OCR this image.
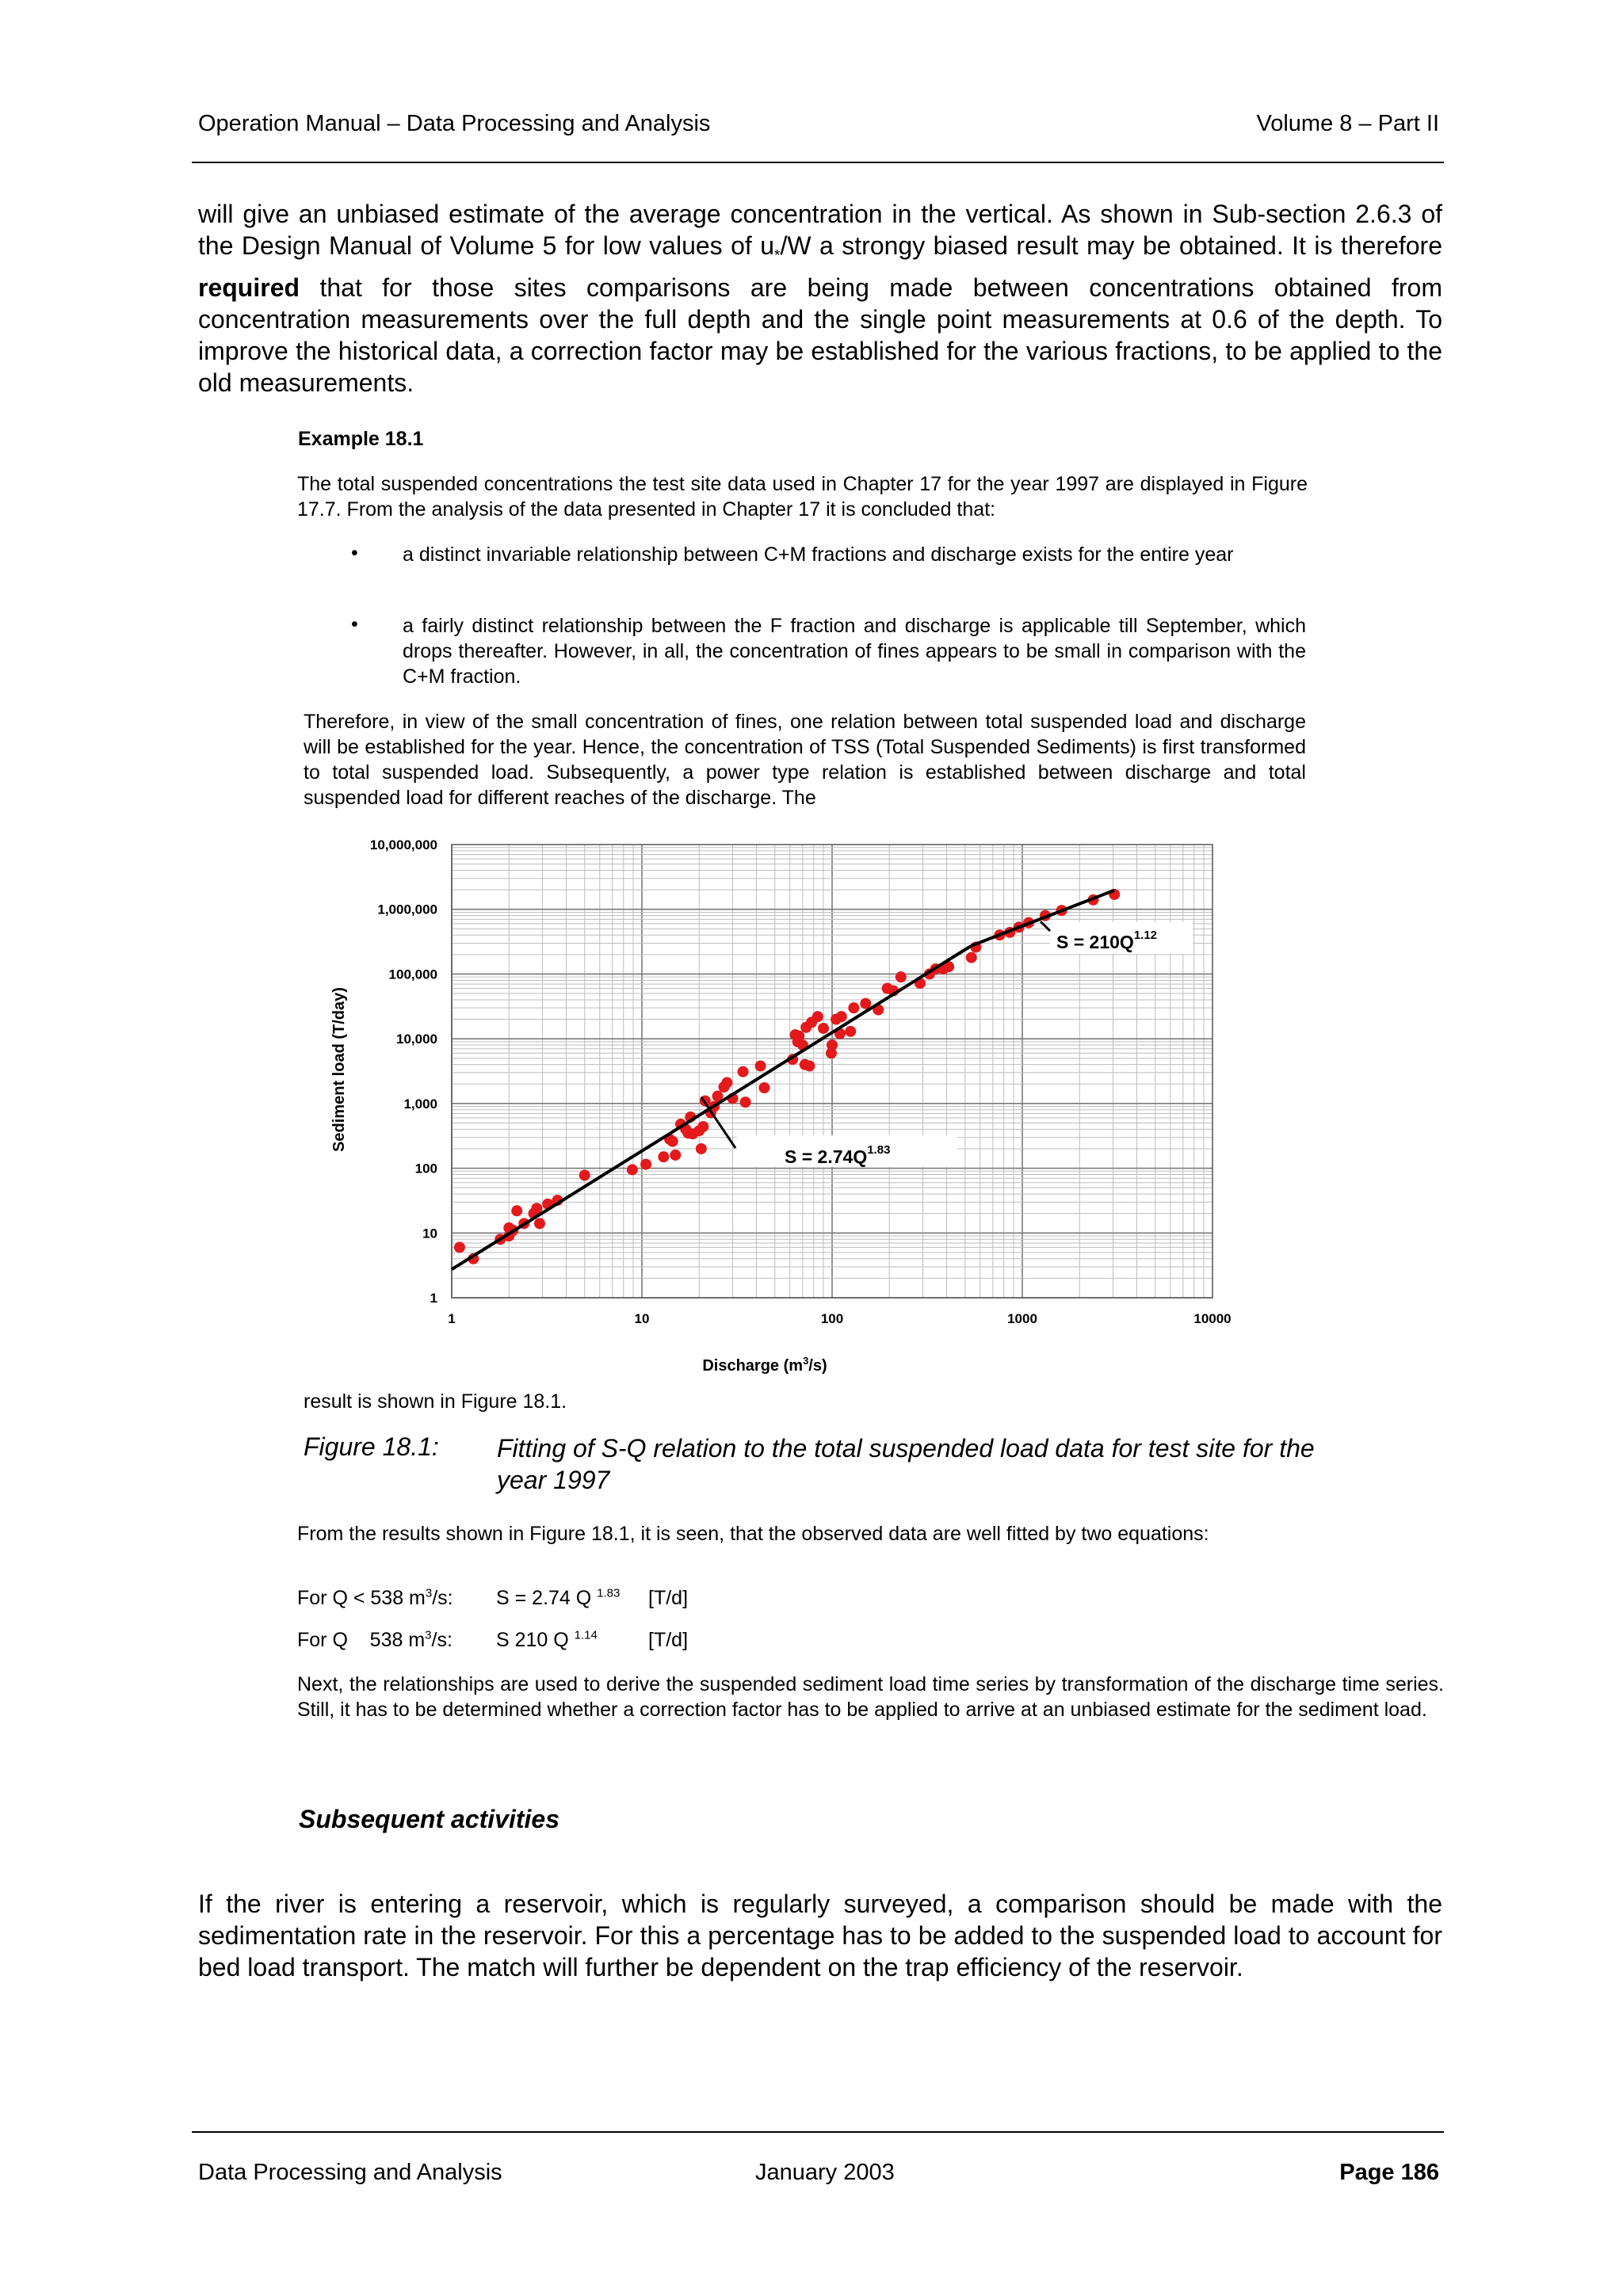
Operation Manual – Data Processing and Analysis	Volume 8 – Part II
will give an unbiased estimate of the average concentration in the vertical. As shown in Sub-section 2.6.3 of the Design Manual of Volume 5 for low values of $u_*/W$ a strongy biased result may be obtained. It is therefore required that for those sites comparisons are being made between concentrations obtained from concentration measurements over the full depth and the single point measurements at 0.6 of the depth. To improve the historical data, a correction factor may be established for the various fractions, to be applied to the old measurements.
Example 18.1
The total suspended concentrations the test site data used in Chapter 17 for the year 1997 are displayed in Figure 17.7. From the analysis of the data presented in Chapter 17 it is concluded that:
• a distinct invariable relationship between C+M fractions and discharge exists for the entire year
• a fairly distinct relationship between the F fraction and discharge is applicable till September, which drops thereafter. However, in all, the concentration of fines appears to be small in comparison with the C+M fraction.
Therefore, in view of the small concentration of fines, one relation between total suspended load and discharge will be established for the year. Hence, the concentration of TSS (Total Suspended Sediments) is first transformed to total suspended load. Subsequently, a power type relation is established between discharge and total suspended load for different reaches of the discharge. The
1
10
100
1,000
10,000
100,000
1,000,000
10,000,000
1	10	100	1000	10000
$S = 2.74Q^{1.83}$
$S = 210Q^{1.12}$
Discharge $(m^3/s)$
Sediment load (T/day)
result is shown in Figure 18.1.
Figure 18.1: Fitting of S-Q relation to the total suspended load data for test site for the year 1997
From the results shown in Figure 18.1, it is seen, that the observed data are well fitted by two equations:
For Q < 538 $m^3/s$: S = 2.74 Q $^{1.83}$ [T/d]
For Q    538 $m^3/s$: S 210 Q $^{1.14}$	[T/d]
Next, the relationships are used to derive the suspended sediment load time series by transformation of the discharge time series. Still, it has to be determined whether a correction factor has to be applied to arrive at an unbiased estimate for the sediment load.
Subsequent activities
If the river is entering a reservoir, which is regularly surveyed, a comparison should be made with the sedimentation rate in the reservoir. For this a percentage has to be added to the suspended load to account for bed load transport. The match will further be dependent on the trap efficiency of the reservoir.
Data Processing and Analysis	January 2003	Page 186
